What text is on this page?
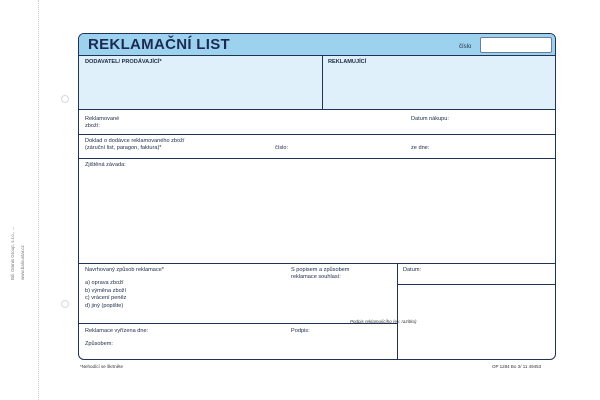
Bd. Omnis Group, s.r.o., ... www.baloustar.cz
REKLAMAČNÍ LIST	číslo
DODAVATEL/ PRODÁVAJÍCÍ*	REKLAMUJÍCÍ
Reklamované
zboží:
Datum nákupu:
Doklad o dodávce reklamovaného zboží
(záruční list, paragon, faktura)*	číslo:	ze dne:
Zjištěná závada:
Navrhovaný způsob reklamace*
a) oprava zboží
b) výměna zboží
c) vrácení peněz
d) jiný (popište)
S popisem a způsobem
reklamace souhlasí:
Datum:
Reklamace vyřízena dne:
Způsobem:
Podpis:
Podpis reklamujícího (ev. razítko)
*Nehodící se škrtněte	OP 1284 Bo 3/ 11 49453
